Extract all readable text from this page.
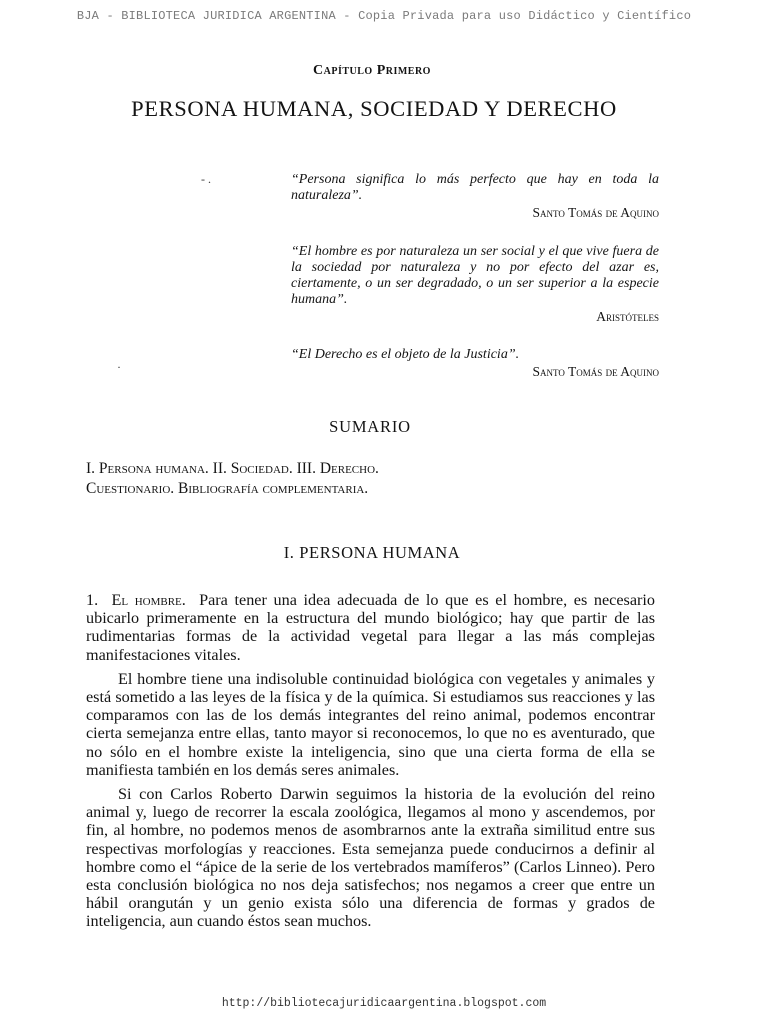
BJA - BIBLIOTECA JURIDICA ARGENTINA - Copia Privada para uso Didáctico y Científico
Capítulo Primero
PERSONA HUMANA, SOCIEDAD Y DERECHO
- .
·
“Persona significa lo más perfecto que hay en toda la naturaleza”.
Santo Tomás de Aquino
“El hombre es por naturaleza un ser social y el que vive fuera de la sociedad por naturaleza y no por efecto del azar es, ciertamente, o un ser degradado, o un ser superior a la especie humana”.
Aristóteles
“El Derecho es el objeto de la Justicia”.
Santo Tomás de Aquino
SUMARIO
I. Persona humana. II. Sociedad. III. Derecho.
Cuestionario. Bibliografía complementaria.
I. PERSONA HUMANA

1. El hombre. Para tener una idea adecuada de lo que es el hombre, es necesario ubicarlo primeramente en la estructura del mundo biológico; hay que partir de las rudimentarias formas de la actividad vegetal para llegar a las más complejas manifestaciones vitales.

El hombre tiene una indisoluble continuidad biológica con vegetales y animales y está sometido a las leyes de la física y de la química. Si estudiamos sus reacciones y las comparamos con las de los demás integrantes del reino animal, podemos encontrar cierta semejanza entre ellas, tanto mayor si reconocemos, lo que no es aventurado, que no sólo en el hombre existe la inteligencia, sino que una cierta forma de ella se manifiesta también en los demás seres animales.

Si con Carlos Roberto Darwin seguimos la historia de la evolución del reino animal y, luego de recorrer la escala zoológica, llegamos al mono y ascendemos, por fin, al hombre, no podemos menos de asombrarnos ante la extraña similitud entre sus respectivas morfologías y reacciones. Esta semejanza puede conducirnos a definir al hombre como el “ápice de la serie de los vertebrados mamíferos” (Carlos Linneo). Pero esta conclusión biológica no nos deja satisfechos; nos negamos a creer que entre un hábil orangután y un genio exista sólo una diferencia de formas y grados de inteligencia, aun cuando éstos sean muchos.

http://bibliotecajuridicaargentina.blogspot.com
